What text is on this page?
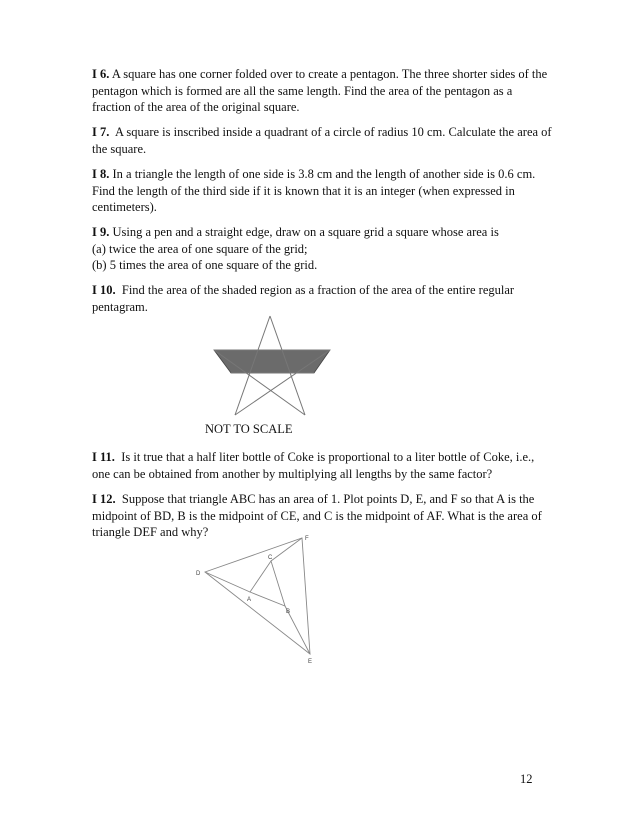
I 6. A square has one corner folded over to create a pentagon. The three shorter sides of the pentagon which is formed are all the same length. Find the area of the pentagon as a fraction of the area of the original square.

I 7. A square is inscribed inside a quadrant of a circle of radius 10 cm. Calculate the area of the square.

I 8. In a triangle the length of one side is 3.8 cm and the length of another side is 0.6 cm. Find the length of the third side if it is known that it is an integer (when expressed in centimeters).

I 9. Using a pen and a straight edge, draw on a square grid a square whose area is

(a) twice the area of one square of the grid;

(b) 5 times the area of one square of the grid.

I 10. Find the area of the shaded region as a fraction of the area of the entire regular pentagram.

NOT TO SCALE

I 11. Is it true that a half liter bottle of Coke is proportional to a liter bottle of Coke, i.e., one can be obtained from another by multiplying all lengths by the same factor?

I 12. Suppose that triangle ABC has an area of 1. Plot points D, E, and F so that A is the midpoint of BD, B is the midpoint of CE, and C is the midpoint of AF. What is the area of triangle DEF and why?

D
F
E
A
B
C
12
